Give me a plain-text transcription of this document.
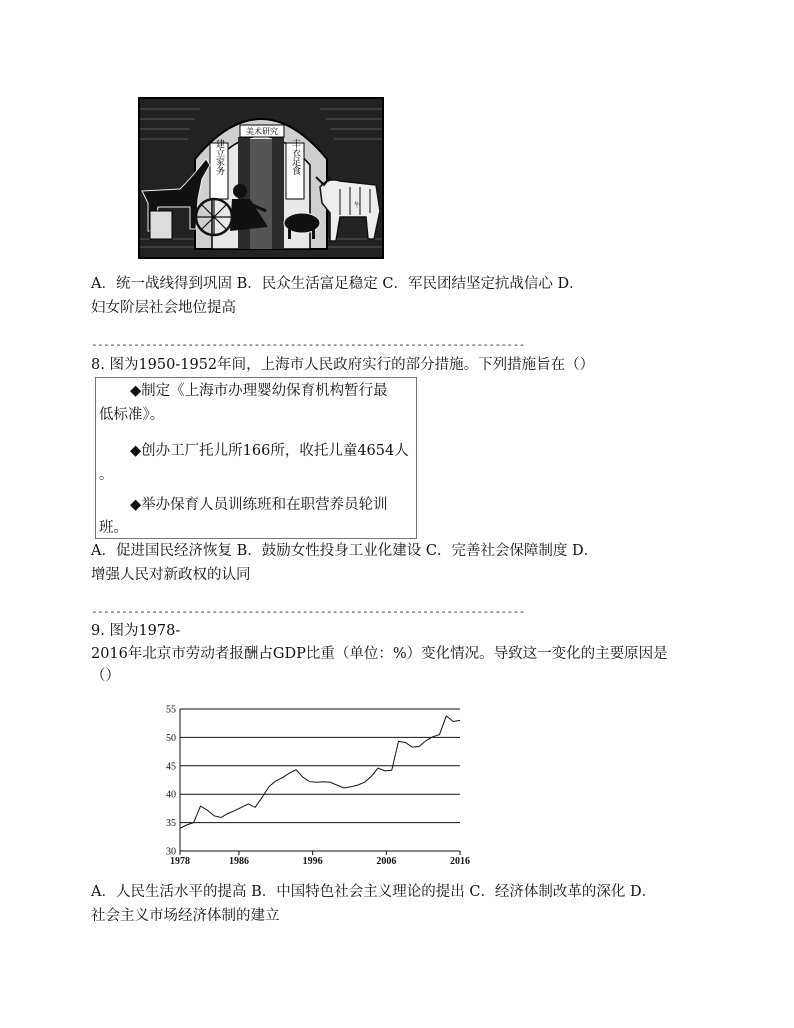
美术研究
建立家务	丰衣足食
牛
A．统一战线得到巩固 B．民众生活富足稳定 C．军民团结坚定抗战信心 D．
妇女阶层社会地位提高
------------------------------------------------------------------------
8. 图为1950-1952年间，上海市人民政府实行的部分措施。下列措施旨在（）
◆制定《上海市办理婴幼保育机构暂行最
低标准》。
◆创办工厂托儿所166所，收托儿童4654人
。
◆举办保育人员训练班和在职营养员轮训
班。
A．促进国民经济恢复 B．鼓励女性投身工业化建设 C．完善社会保障制度 D．
增强人民对新政权的认同
------------------------------------------------------------------------
9. 图为1978-
2016年北京市劳动者报酬占GDP比重（单位：%）变化情况。导致这一变化的主要原因是
（）
30
35
40
45
50
55
1978	1986	1996	2006	2016
A．人民生活水平的提高 B．中国特色社会主义理论的提出 C．经济体制改革的深化 D．
社会主义市场经济体制的建立
